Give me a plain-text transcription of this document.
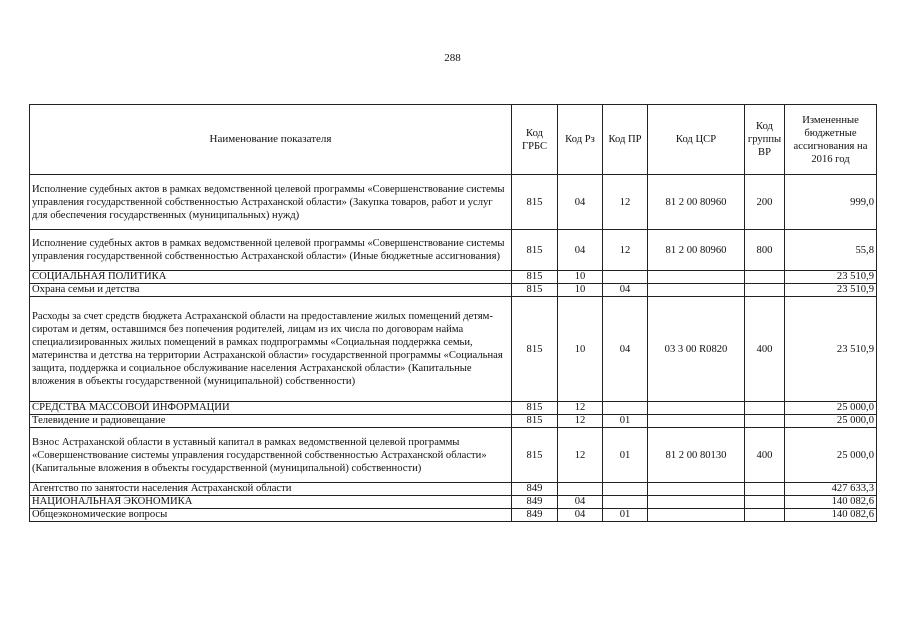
288
Наименование показателя	Код ГРБС	Код Рз	Код ПР	Код ЦСР	Код группы ВР	Измененные бюджетные ассигнования на 2016 год
Исполнение судебных актов в рамках ведомственной целевой программы «Совершенствование системы управления государственной собственностью Астраханской области» (Закупка товаров, работ и услуг для обеспечения государственных (муниципальных) нужд)	815	04	12	81 2 00 80960	200	999,0
Исполнение судебных актов в рамках ведомственной целевой программы «Совершенствование системы управления государственной собственностью Астраханской области» (Иные бюджетные ассигнования)	815	04	12	81 2 00 80960	800	55,8
СОЦИАЛЬНАЯ ПОЛИТИКА	815	10				23 510,9
Охрана семьи и детства	815	10	04			23 510,9
Расходы за счет средств бюджета Астраханской области на предоставление жилых помещений детям-сиротам и детям, оставшимся без попечения родителей, лицам из их числа по договорам найма специализированных жилых помещений в рамках подпрограммы «Социальная поддержка семьи, материнства и детства на территории Астраханской области» государственной программы «Социальная защита, поддержка и социальное обслуживание населения Астраханской области» (Капитальные вложения в объекты государственной (муниципальной) собственности)	815	10	04	03 3 00 R0820	400	23 510,9
СРЕДСТВА МАССОВОЙ ИНФОРМАЦИИ	815	12				25 000,0
Телевидение и радиовещание	815	12	01			25 000,0
Взнос Астраханской области в уставный капитал в рамках ведомственной целевой программы «Совершенствование системы управления государственной собственностью Астраханской области» (Капитальные вложения в объекты государственной (муниципальной) собственности)	815	12	01	81 2 00 80130	400	25 000,0
Агентство по занятости населения Астраханской области	849					427 633,3
НАЦИОНАЛЬНАЯ ЭКОНОМИКА	849	04				140 082,6
Общеэкономические вопросы	849	04	01			140 082,6
